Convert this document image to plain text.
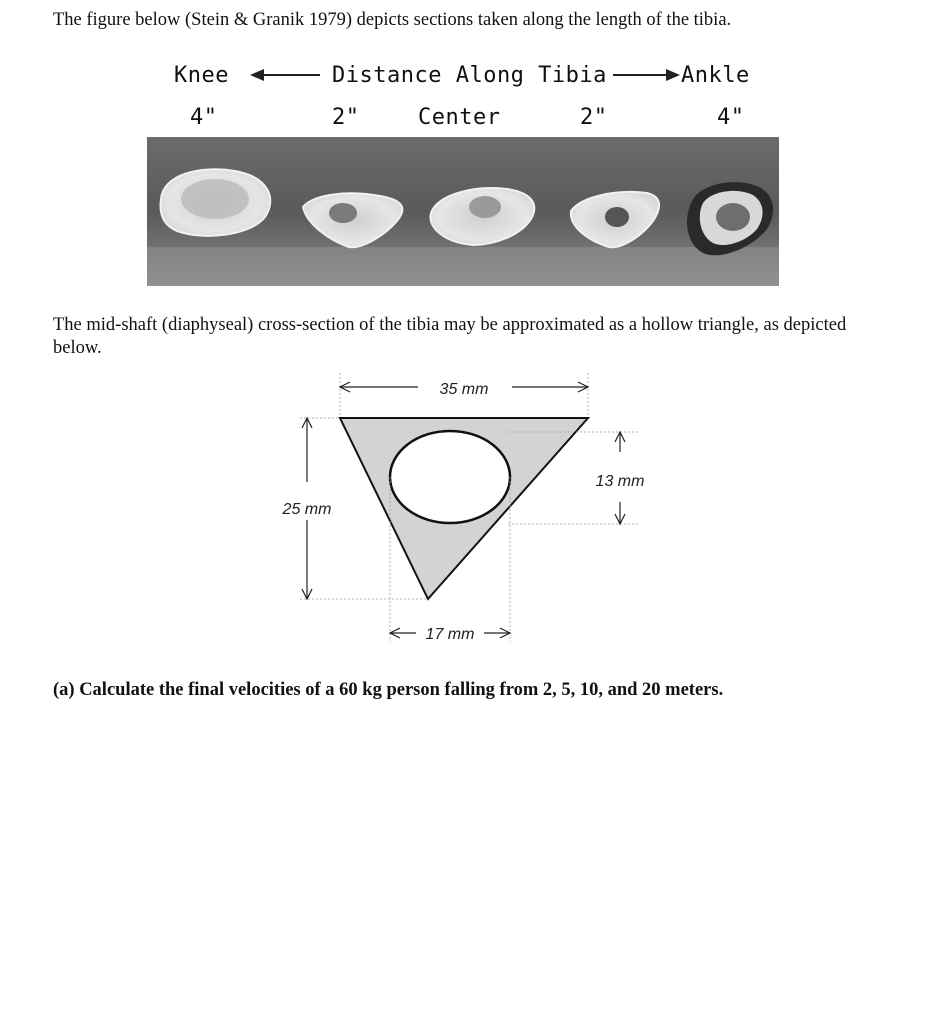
The figure below (Stein & Granik 1979) depicts sections taken along the length of the tibia.

Knee	Distance Along Tibia	Ankle
4"	2"	Center	2"	4"

The mid-shaft (diaphyseal) cross-section of the tibia may be approximated as a hollow triangle, as depicted below.

35 mm
25 mm
13 mm
17 mm

(a) Calculate the final velocities of a 60 kg person falling from 2, 5, 10, and 20 meters.
